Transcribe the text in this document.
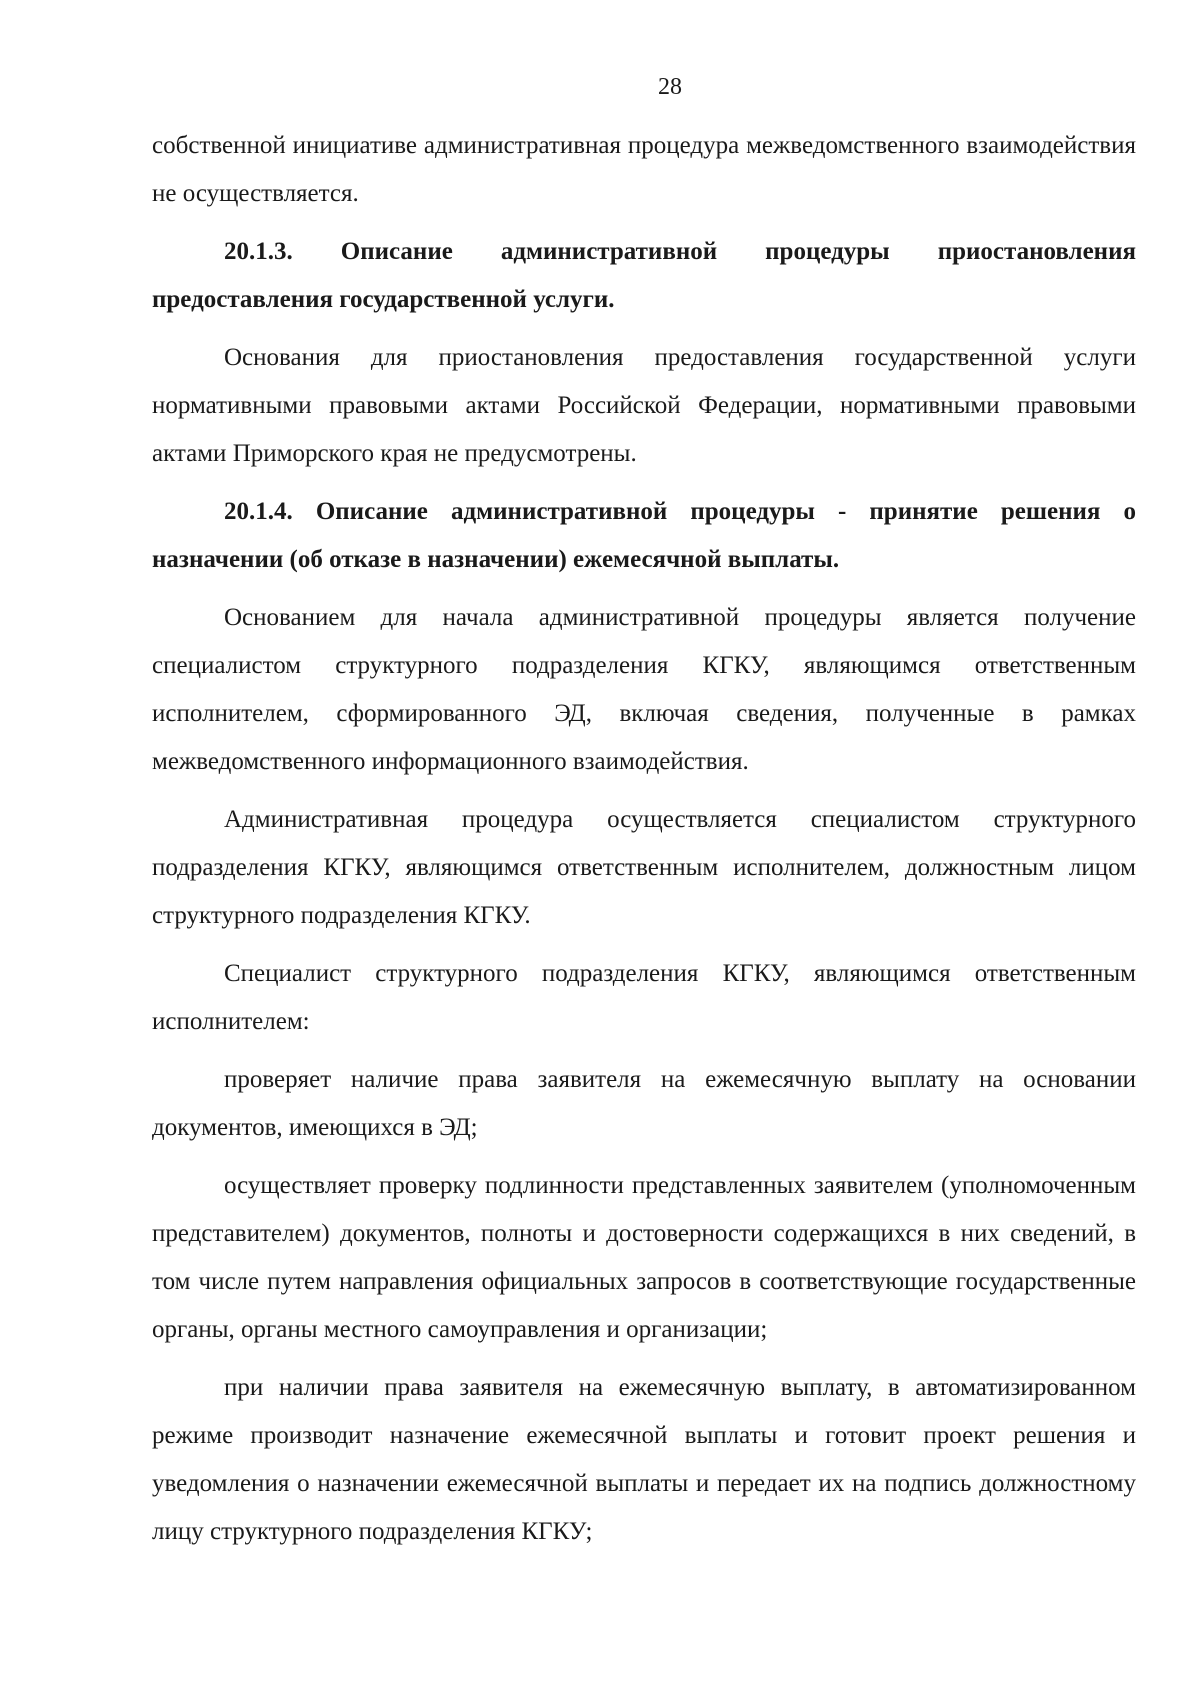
28

собственной инициативе административная процедура межведомственного взаимодействия не осуществляется.

20.1.3. Описание административной процедуры приостановления предоставления государственной услуги.

Основания для приостановления предоставления государственной услуги нормативными правовыми актами Российской Федерации, нормативными правовыми актами Приморского края не предусмотрены.

20.1.4. Описание административной процедуры - принятие решения о назначении (об отказе в назначении) ежемесячной выплаты.

Основанием для начала административной процедуры является получение специалистом структурного подразделения КГКУ, являющимся ответственным исполнителем, сформированного ЭД, включая сведения, полученные в рамках межведомственного информационного взаимодействия.

Административная процедура осуществляется специалистом структурного подразделения КГКУ, являющимся ответственным исполнителем, должностным лицом структурного подразделения КГКУ.

Специалист структурного подразделения КГКУ, являющимся ответственным исполнителем:

проверяет наличие права заявителя на ежемесячную выплату на основании документов, имеющихся в ЭД;

осуществляет проверку подлинности представленных заявителем (уполномоченным представителем) документов, полноты и достоверности содержащихся в них сведений, в том числе путем направления официальных запросов в соответствующие государственные органы, органы местного самоуправления и организации;

при наличии права заявителя на ежемесячную выплату, в автоматизированном режиме производит назначение ежемесячной выплаты и готовит проект решения и уведомления о назначении ежемесячной выплаты и передает их на подпись должностному лицу структурного подразделения КГКУ;
